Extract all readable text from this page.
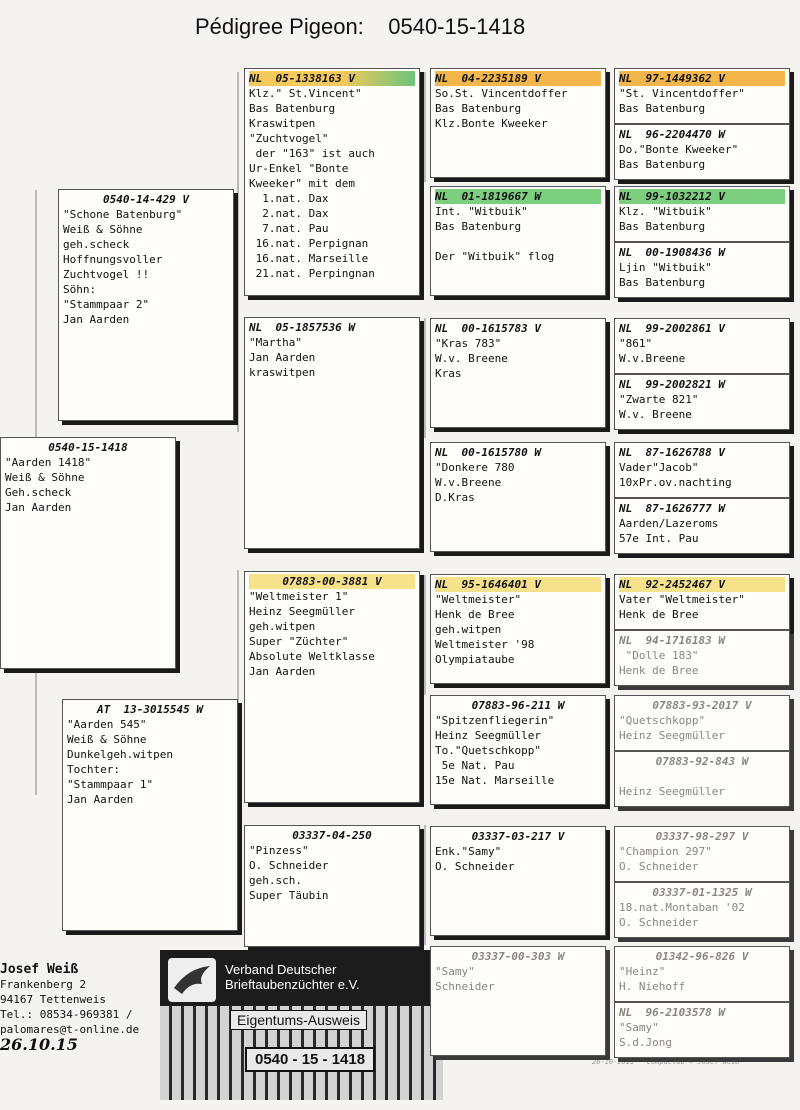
Pédigree Pigeon:    0540-15-1418
0540-15-1418
"Aarden 1418"
Weiß & Söhne
Geh.scheck
Jan Aarden
0540-14-429 V
"Schone Batenburg"
Weiß & Söhne
geh.scheck
Hoffnungsvoller
Zuchtvogel !!
Söhn:
"Stammpaar 2"
Jan Aarden
AT  13-3015545 W
"Aarden 545"
Weiß & Söhne
Dunkelgeh.witpen
Tochter:
"Stammpaar 1"
Jan Aarden
Josef Weiß
Frankenberg 2
94167 Tettenweis
Tel.: 08534-969381 /
palomares@t-online.de
26.10.15
Verband Deutscher
Brieftaubenzüchter e.V.
Eigentums-Ausweis
0540 - 15 - 1418	26-10-2015   Compuclub © Josef Weiß
NL  05-1338163 V
Klz." St.Vincent"
Bas Batenburg
Kraswitpen
"Zuchtvogel"
der "163" ist auch
Ur-Enkel "Bonte
Kweeker" mit dem
1.nat. Dax
2.nat. Dax
7.nat. Pau
16.nat. Perpignan
16.nat. Marseille
21.nat. Perpingnan
NL  05-1857536 W
"Martha"
Jan Aarden
kraswitpen
07883-00-3881 V
"Weltmeister 1"
Heinz Seegmüller
geh.witpen
Super "Züchter"
Absolute Weltklasse
Jan Aarden
03337-04-250
"Pinzess"
O. Schneider
geh.sch.
Super Täubin
NL  04-2235189 V
So.St. Vincentdoffer
Bas Batenburg
Klz.Bonte Kweeker
NL  01-1819667 W
Int. "Witbuik"
Bas Batenburg

Der "Witbuik" flog
NL  00-1615783 V
"Kras 783"
W.v. Breene
Kras
NL  00-1615780 W
"Donkere 780
W.v.Breene
D.Kras
NL  95-1646401 V
"Weltmeister"
Henk de Bree
geh.witpen
Weltmeister '98
Olympiataube
07883-96-211 W
"Spitzenfliegerin"
Heinz Seegmüller
To."Quetschkopp"
5e Nat. Pau
15e Nat. Marseille
03337-03-217 V
Enk."Samy"
O. Schneider
03337-00-303 W
"Samy"
Schneider
NL  97-1449362 V
"St. Vincentdoffer"
Bas Batenburg
NL  96-2204470 W
Do."Bonte Kweeker"
Bas Batenburg
NL  99-1032212 V
Klz. "Witbuik"
Bas Batenburg
NL  00-1908436 W
Ljin "Witbuik"
Bas Batenburg
NL  99-2002861 V
"861"
W.v.Breene
NL  99-2002821 W
"Zwarte 821"
W.v. Breene
NL  87-1626788 V
Vader"Jacob"
10xPr.ov.nachting
NL  87-1626777 W
Aarden/Lazeroms
57e Int. Pau
NL  92-2452467 V
Vater "Weltmeister"
Henk de Bree
NL  94-1716183 W
"Dolle 183"
Henk de Bree
07883-93-2017 V
"Quetschkopp"
Heinz Seegmüller
07883-92-843 W

Heinz Seegmüller
03337-98-297 V
"Champion 297"
O. Schneider
03337-01-1325 W
18.nat.Montaban '02
O. Schneider
01342-96-826 V
"Heinz"
H. Niehoff
NL  96-2103578 W
"Samy"
S.d.Jong
